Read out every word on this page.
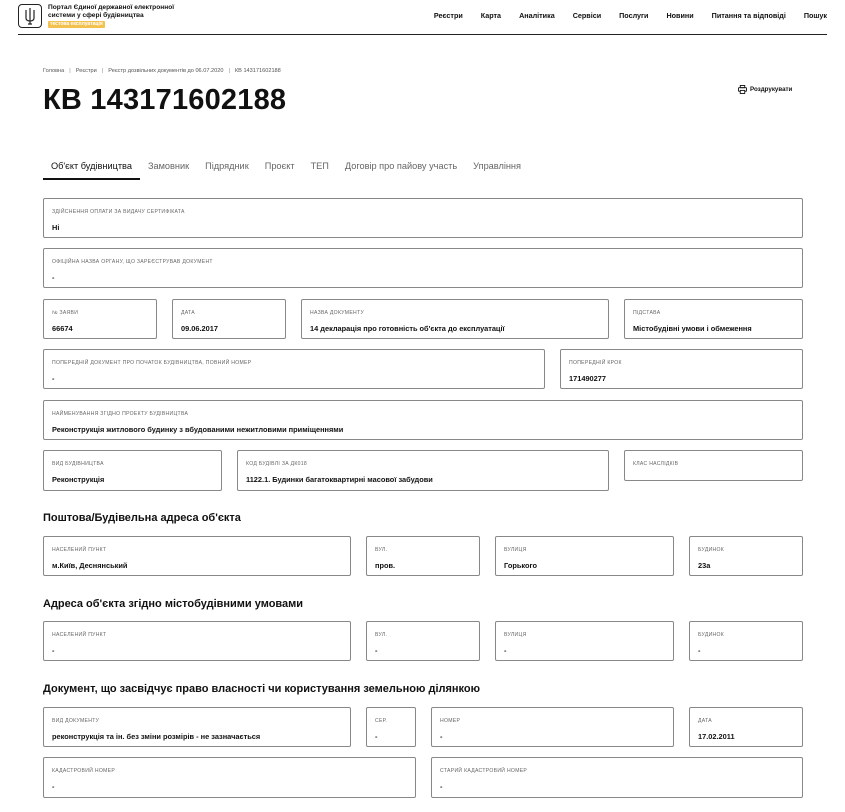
Портал Єдиної державної електронної системи у сфері будівництва тестова експлуатація
Реєстри	Карта	Аналітика	Сервіси	Послуги	Новини	Питання та відповіді	Пошук
Головна | Реєстри | Реєстр дозвільних документів до 06.07.2020 | КВ 143171602188
КВ 143171602188	Роздрукувати
Об'єкт будівництва	Замовник	Підрядник	Проєкт	ТЕП	Договір про пайову участь	Управління
ЗДІЙСНЕННЯ ОПЛАТИ ЗА ВИДАЧУ СЕРТИФІКАТА
Ні
ОФІЦІЙНА НАЗВА ОРГАНУ, ЩО ЗАРЕЄСТРУВАВ ДОКУМЕНТ
-
№ ЗАЯВИ
66674
ДАТА
09.06.2017
НАЗВА ДОКУМЕНТУ
14 декларація про готовність об'єкта до експлуатації
ПІДСТАВА
Містобудівні умови і обмеження
ПОПЕРЕДНІЙ ДОКУМЕНТ ПРО ПОЧАТОК БУДІВНИЦТВА, ПОВНИЙ НОМЕР
-
ПОПЕРЕДНІЙ КРОК
171490277
НАЙМЕНУВАННЯ ЗГІДНО ПРОЕКТУ БУДІВНИЦТВА
Реконструкція житлового будинку з вбудованими нежитловими приміщеннями
ВИД БУДІВНИЦТВА
Реконструкція
КОД БУДІВЛІ ЗА ДК018
1122.1. Будинки багатоквартирні масової забудови
КЛАС НАСЛІДКІВ
Поштова/Будівельна адреса об'єкта
НАСЕЛЕНИЙ ПУНКТ
м.Київ, Деснянський
ВУЛ.
пров.
ВУЛИЦЯ
Горького
БУДИНОК
23а
Адреса об'єкта згідно містобудівними умовами
НАСЕЛЕНИЙ ПУНКТ
-
ВУЛ.
-
ВУЛИЦЯ
-
БУДИНОК
-
Документ, що засвідчує право власності чи користування земельною ділянкою
ВИД ДОКУМЕНТУ
реконструкція та ін. без зміни розмірів - не зазначається
СЕР.
-
НОМЕР
-
ДАТА
17.02.2011
КАДАСТРОВИЙ НОМЕР
-
СТАРИЙ КАДАСТРОВИЙ НОМЕР
-
